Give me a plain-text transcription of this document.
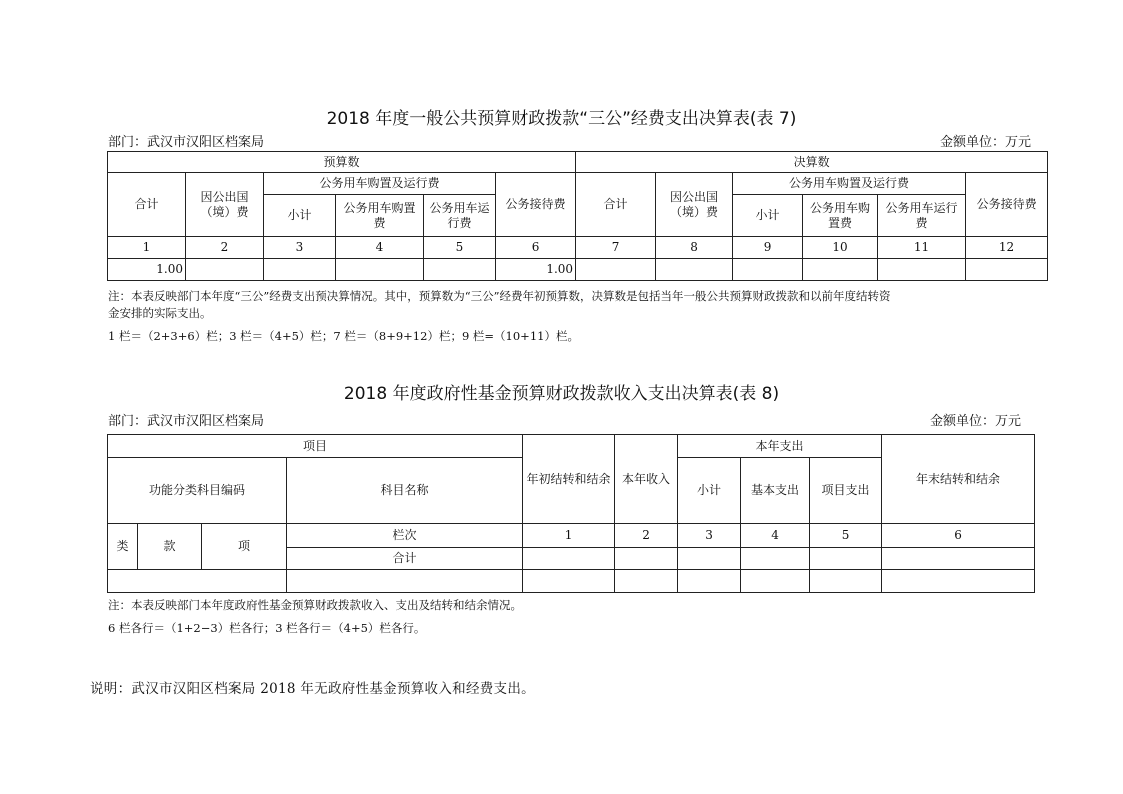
2018 年度一般公共预算财政拨款“三公”经费支出决算表(表 7)
部门：武汉市汉阳区档案局	金额单位：万元
预算数						决算数					
合计	因公出国（境）费	公务用车购置及运行费			公务接待费	合计	因公出国（境）费	公务用车购置及运行费			公务接待费
		小计	公务用车购置费	公务用车运行费				小计	公务用车购置费	公务用车运行费	
1	2	3	4	5	6	7	8	9	10	11	12
1.00					1.00						
注：本表反映部门本年度“三公”经费支出预决算情况。其中，预算数为“三公”经费年初预算数，决算数是包括当年一般公共预算财政拨款和以前年度结转资
金安排的实际支出。
1 栏＝（2+3+6）栏；3 栏＝（4+5）栏；7 栏＝（8+9+12）栏；9 栏=（10+11）栏。
2018 年度政府性基金预算财政拨款收入支出决算表(表 8)
部门：武汉市汉阳区档案局	金额单位：万元
项目				年初结转和结余	本年收入	本年支出			年末结转和结余
功能分类科目编码			科目名称			小计	基本支出	项目支出	

类	款	项	栏次	1	2	3	4	5	6
			合计						

注：本表反映部门本年度政府性基金预算财政拨款收入、支出及结转和结余情况。
6 栏各行＝（1+2−3）栏各行；3 栏各行＝（4+5）栏各行。
说明：武汉市汉阳区档案局 2018 年无政府性基金预算收入和经费支出。
